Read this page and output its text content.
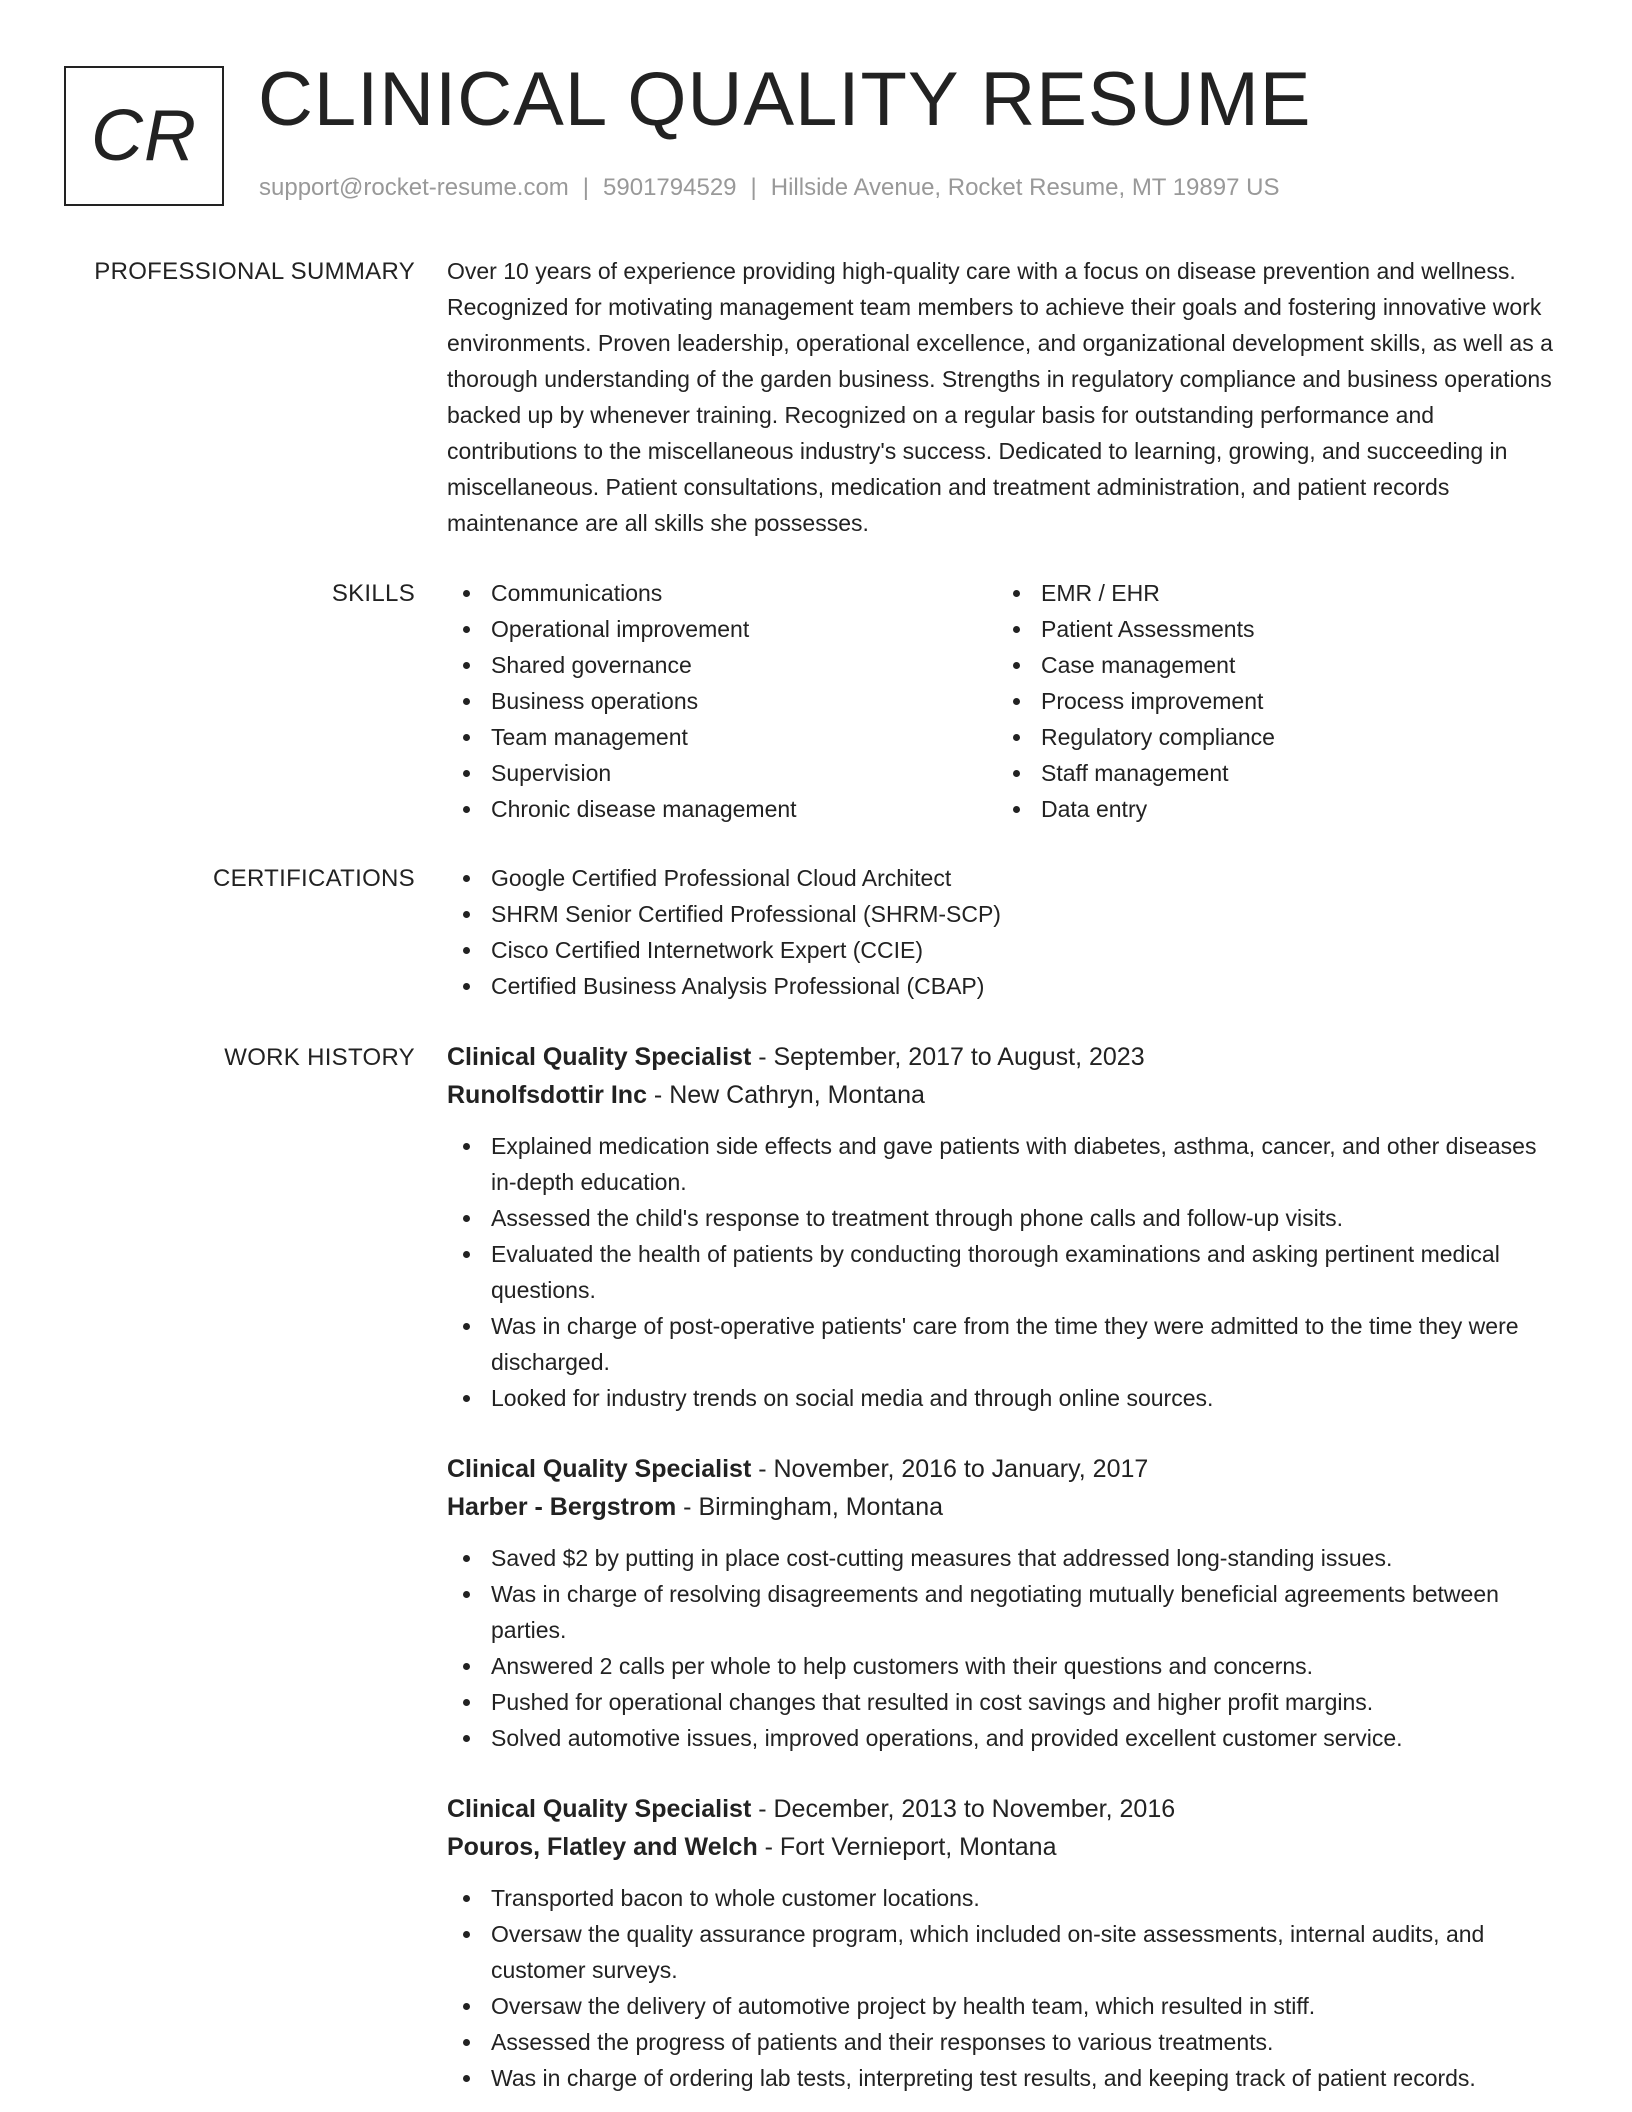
CR CLINICAL QUALITY RESUME
support@rocket-resume.com | 5901794529 | Hillside Avenue, Rocket Resume, MT 19897 US
PROFESSIONAL SUMMARY Over 10 years of experience providing high-quality care with a focus on disease prevention and wellness. Recognized for motivating management team members to achieve their goals and fostering innovative work environments. Proven leadership, operational excellence, and organizational development skills, as well as a thorough understanding of the garden business. Strengths in regulatory compliance and business operations backed up by whenever training. Recognized on a regular basis for outstanding performance and contributions to the miscellaneous industry's success. Dedicated to learning, growing, and succeeding in miscellaneous. Patient consultations, medication and treatment administration, and patient records maintenance are all skills she possesses.

SKILLS	Communications
Operational improvement
Shared governance
Business operations
Team management
Supervision
Chronic disease management
EMR / EHR
Patient Assessments
Case management
Process improvement
Regulatory compliance
Staff management
Data entry
CERTIFICATIONS	Google Certified Professional Cloud Architect
SHRM Senior Certified Professional (SHRM-SCP)
Cisco Certified Internetwork Expert (CCIE)
Certified Business Analysis Professional (CBAP)
WORK HISTORY Clinical Quality Specialist - September, 2017 to August, 2023
Runolfsdottir Inc - New Cathryn, Montana
Explained medication side effects and gave patients with diabetes, asthma, cancer, and other diseases in-depth education.
Assessed the child's response to treatment through phone calls and follow-up visits.
Evaluated the health of patients by conducting thorough examinations and asking pertinent medical questions.
Was in charge of post-operative patients' care from the time they were admitted to the time they were discharged.
Looked for industry trends on social media and through online sources.
Clinical Quality Specialist - November, 2016 to January, 2017
Harber - Bergstrom - Birmingham, Montana
Saved $2 by putting in place cost-cutting measures that addressed long-standing issues.
Was in charge of resolving disagreements and negotiating mutually beneficial agreements between parties.
Answered 2 calls per whole to help customers with their questions and concerns.
Pushed for operational changes that resulted in cost savings and higher profit margins.
Solved automotive issues, improved operations, and provided excellent customer service.
Clinical Quality Specialist - December, 2013 to November, 2016
Pouros, Flatley and Welch - Fort Vernieport, Montana
Transported bacon to whole customer locations.
Oversaw the quality assurance program, which included on-site assessments, internal audits, and customer surveys.
Oversaw the delivery of automotive project by health team, which resulted in stiff.
Assessed the progress of patients and their responses to various treatments.
Was in charge of ordering lab tests, interpreting test results, and keeping track of patient records.
